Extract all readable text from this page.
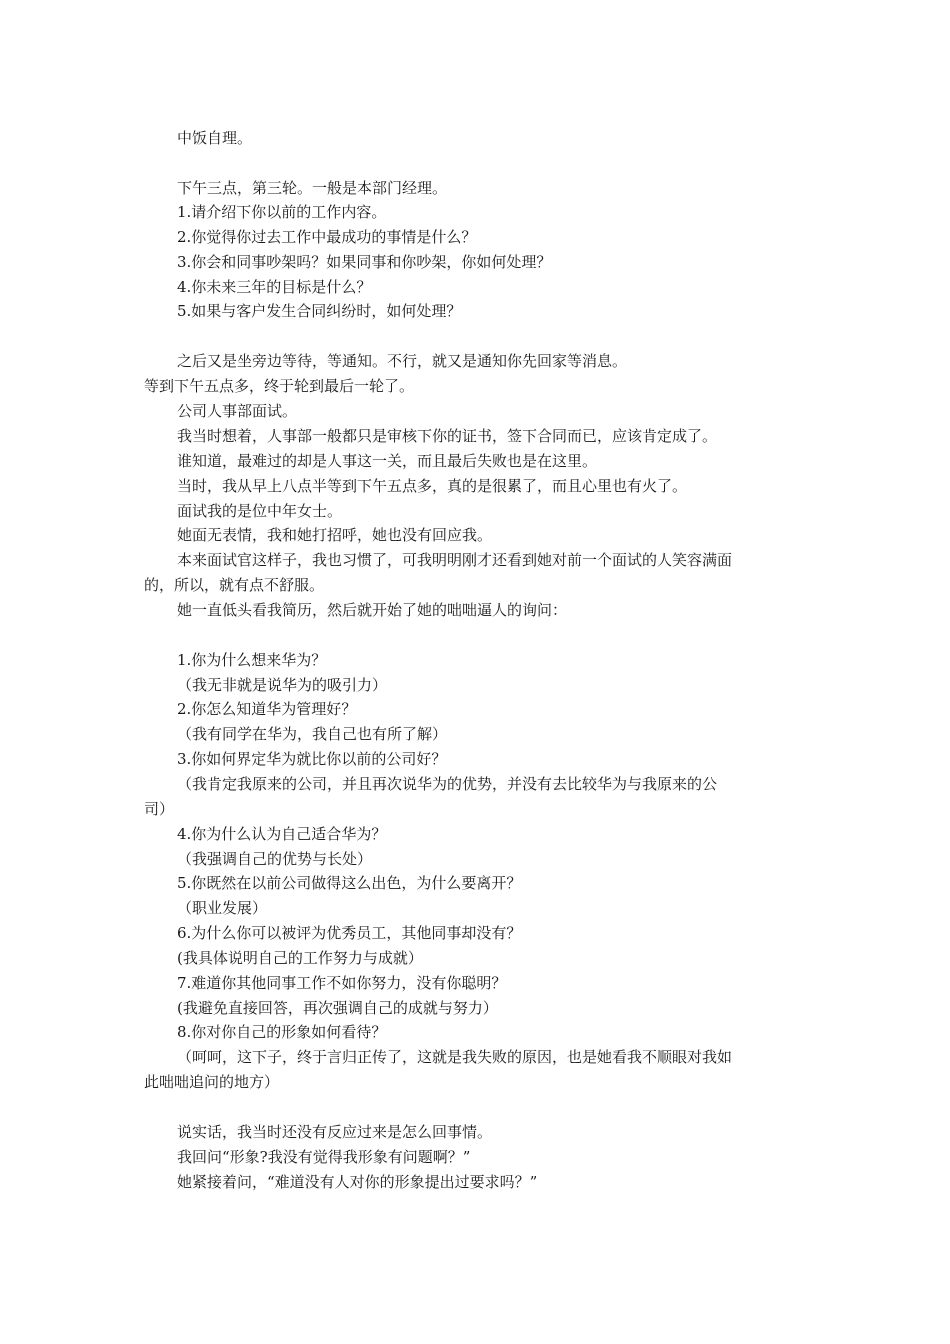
中饭自理。
下午三点，第三轮。一般是本部门经理。
1.请介绍下你以前的工作内容。
2.你觉得你过去工作中最成功的事情是什么？
3.你会和同事吵架吗？如果同事和你吵架，你如何处理？
4.你未来三年的目标是什么？
5.如果与客户发生合同纠纷时，如何处理？
之后又是坐旁边等待，等通知。不行，就又是通知你先回家等消息。
等到下午五点多，终于轮到最后一轮了。
公司人事部面试。
我当时想着，人事部一般都只是审核下你的证书，签下合同而已，应该肯定成了。
谁知道，最难过的却是人事这一关，而且最后失败也是在这里。
当时，我从早上八点半等到下午五点多，真的是很累了，而且心里也有火了。
面试我的是位中年女士。
她面无表情，我和她打招呼，她也没有回应我。
本来面试官这样子，我也习惯了，可我明明刚才还看到她对前一个面试的人笑容满面
的，所以，就有点不舒服。
她一直低头看我简历，然后就开始了她的咄咄逼人的询问：
1.你为什么想来华为？
（我无非就是说华为的吸引力）
2.你怎么知道华为管理好？
（我有同学在华为，我自己也有所了解）
3.你如何界定华为就比你以前的公司好？
（我肯定我原来的公司，并且再次说华为的优势，并没有去比较华为与我原来的公
司）
4.你为什么认为自己适合华为？
（我强调自己的优势与长处）
5.你既然在以前公司做得这么出色，为什么要离开？
（职业发展）
6.为什么你可以被评为优秀员工，其他同事却没有？
(我具体说明自己的工作努力与成就）
7.难道你其他同事工作不如你努力，没有你聪明？
(我避免直接回答，再次强调自己的成就与努力）
8.你对你自己的形象如何看待？
（呵呵，这下子，终于言归正传了，这就是我失败的原因，也是她看我不顺眼对我如
此咄咄追问的地方）
说实话，我当时还没有反应过来是怎么回事情。
我回问“形象?我没有觉得我形象有问题啊？”
她紧接着问，“难道没有人对你的形象提出过要求吗？”
